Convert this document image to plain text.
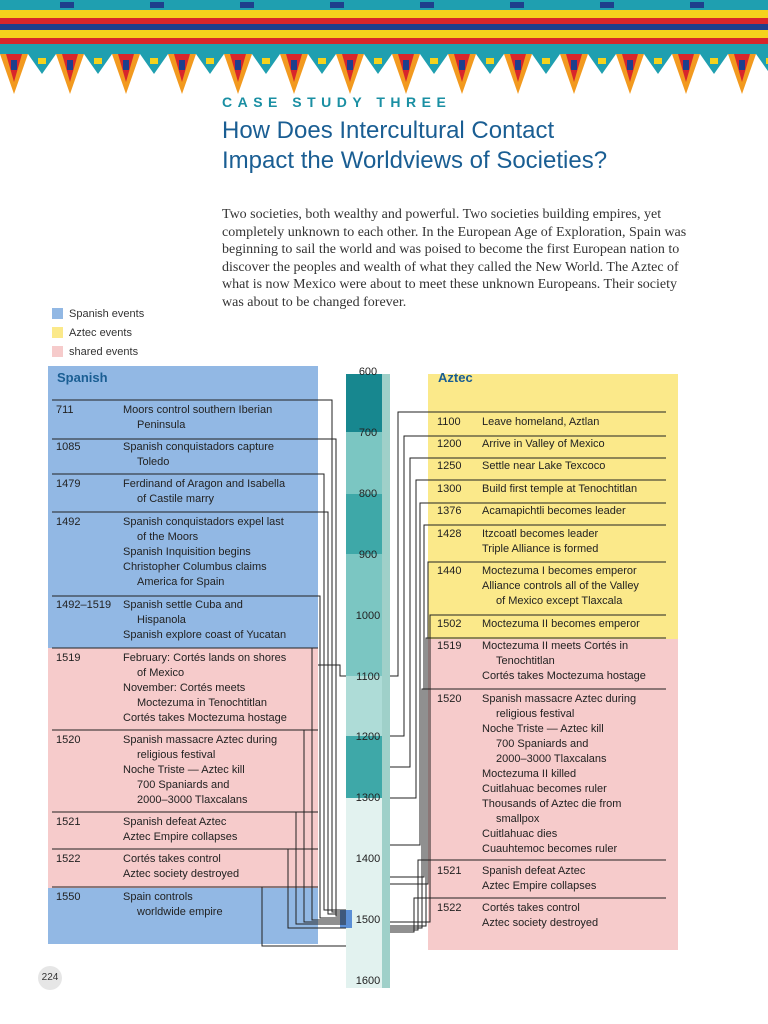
CASE STUDY THREE
How Does Intercultural Contact
Impact the Worldviews of Societies?

Two societies, both wealthy and powerful. Two societies building empires, yet completely unknown to each other. In the European Age of Exploration, Spain was beginning to sail the world and was poised to become the first European nation to discover the peoples and wealth of what they called the New World. The Aztec of what is now Mexico were about to meet these unknown Europeans. Their society was about to be changed forever.

Spanish events
Aztec events
shared events
Spanish	Aztec
600
700
800
900
1000
1100
1200
1300
1400
1500
1600
711	Moors control southern Iberian
Peninsula
1085	Spanish conquistadors capture
Toledo
1479	Ferdinand of Aragon and Isabella
of Castile marry
1492	Spanish conquistadors expel last
of the Moors
Spanish Inquisition begins
Christopher Columbus claims
America for Spain
1492–1519 Spanish settle Cuba and
Hispanola
Spanish explore coast of Yucatan
1519	February: Cortés lands on shores
of Mexico
November: Cortés meets
Moctezuma in Tenochtitlan
Cortés takes Moctezuma hostage
1520	Spanish massacre Aztec during
religious festival
Noche Triste — Aztec kill
700 Spaniards and
2000–3000 Tlaxcalans
1521	Spanish defeat Aztec
Aztec Empire collapses
1522	Cortés takes control
Aztec society destroyed
1550	Spain controls
worldwide empire
1100 Leave homeland, Aztlan
1200 Arrive in Valley of Mexico
1250 Settle near Lake Texcoco
1300 Build first temple at Tenochtitlan
1376 Acamapichtli becomes leader
1428 Itzcoatl becomes leader
Triple Alliance is formed
1440 Moctezuma I becomes emperor
Alliance controls all of the Valley
of Mexico except Tlaxcala
1502 Moctezuma II becomes emperor
1519 Moctezuma II meets Cortés in
Tenochtitlan
Cortés takes Moctezuma hostage
1520 Spanish massacre Aztec during
religious festival
Noche Triste — Aztec kill
700 Spaniards and
2000–3000 Tlaxcalans
Moctezuma II killed
Cuitlahuac becomes ruler
Thousands of Aztec die from
smallpox
Cuitlahuac dies
Cuauhtemoc becomes ruler
1521 Spanish defeat Aztec
Aztec Empire collapses
1522 Cortés takes control
Aztec society destroyed
224
